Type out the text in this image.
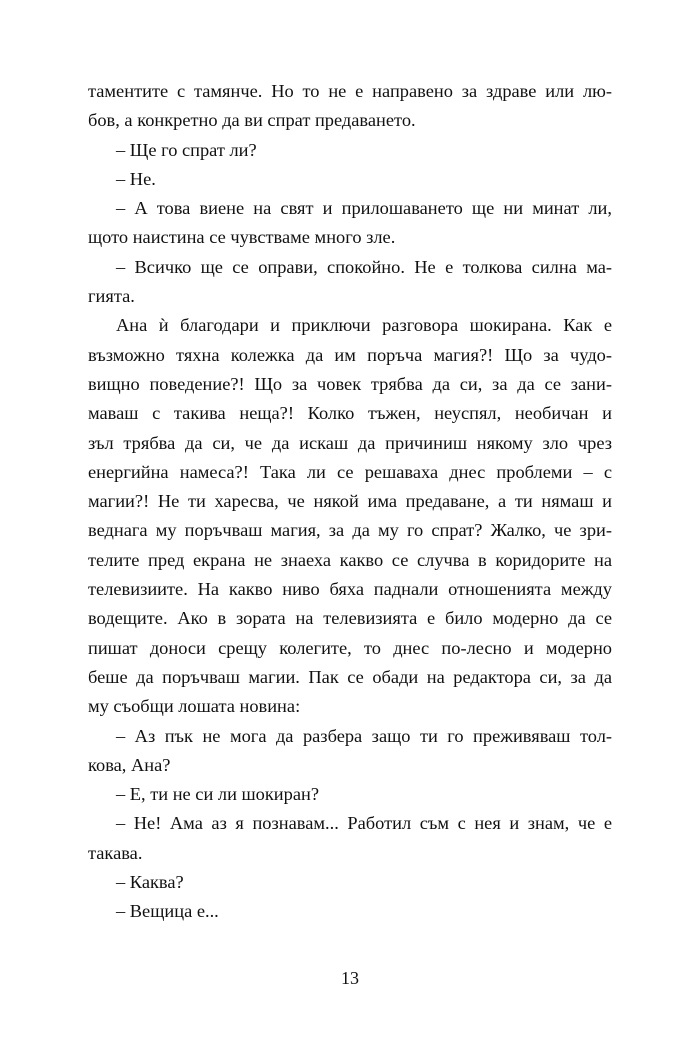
таментите с тамянче. Но то не е направено за здраве или лю-
бов, а конкретно да ви спрат предаването.
– Ще го спрат ли?
– Не.
– А това виене на свят и прилошаването ще ни минат ли,
щото наистина се чувстваме много зле.
– Всичко ще се оправи, спокойно. Не е толкова силна ма-
гията.
Ана ѝ благодари и приключи разговора шокирана. Как е
възможно тяхна колежка да им поръча магия?! Що за чудо-
вищно поведение?! Що за човек трябва да си, за да се зани-
маваш с такива неща?! Колко тъжен, неуспял, необичан и
зъл трябва да си, че да искаш да причиниш някому зло чрез
енергийна намеса?! Така ли се решаваха днес проблеми – с
магии?! Не ти харесва, че някой има предаване, а ти нямаш и
веднага му поръчваш магия, за да му го спрат? Жалко, че зри-
телите пред екрана не знаеха какво се случва в коридорите на
телевизиите. На какво ниво бяха паднали отношенията между
водещите. Ако в зората на телевизията е било модерно да се
пишат доноси срещу колегите, то днес по-лесно и модерно
беше да поръчваш магии. Пак се обади на редактора си, за да
му съобщи лошата новина:
– Аз пък не мога да разбера защо ти го преживяваш тол-
кова, Ана?
– Е, ти не си ли шокиран?
– Не! Ама аз я познавам... Работил съм с нея и знам, че е
такава.
– Каква?
– Вещица е...
13
